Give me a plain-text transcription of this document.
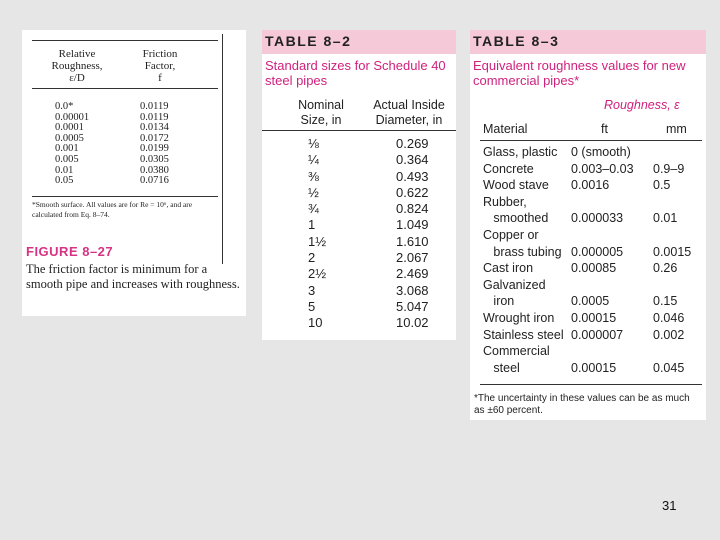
Relative
Roughness,
ε/D
Friction
Factor,
f
0.0*	0.0119
0.00001	0.0119
0.0001	0.0134
0.0005	0.0172
0.001	0.0199
0.005	0.0305
0.01	0.0380
0.05	0.0716
*Smooth surface. All values are for Re = 10⁶, and are calculated from Eq. 8–74.
FIGURE 8–27
The friction factor is minimum for a smooth pipe and increases with roughness.
TABLE 8–2
Standard sizes for Schedule 40 steel pipes
Nominal
Size, in
Actual Inside
Diameter, in
⅛	0.269
¼	0.364
⅜	0.493
½	0.622
¾	0.824
1	1.049
1½	1.610
2	2.067
2½	2.469
3	3.068
5	5.047
10	10.02
TABLE 8–3
Equivalent roughness values for new commercial pipes*
Roughness, ε
Material	ft	mm
Glass, plastic 0 (smooth)
Concrete	0.003–0.03 0.9–9
Wood stave 0.0016	0.5
Rubber,
smoothed 0.000033 0.01
Copper or
brass tubing 0.000005 0.0015
Cast iron	0.00085	0.26
Galvanized
iron	0.0005	0.15
Wrought iron 0.00015	0.046
Stainless steel 0.000007 0.002
Commercial
steel	0.00015	0.045
*The uncertainty in these values can be as much as ±60 percent.
31
